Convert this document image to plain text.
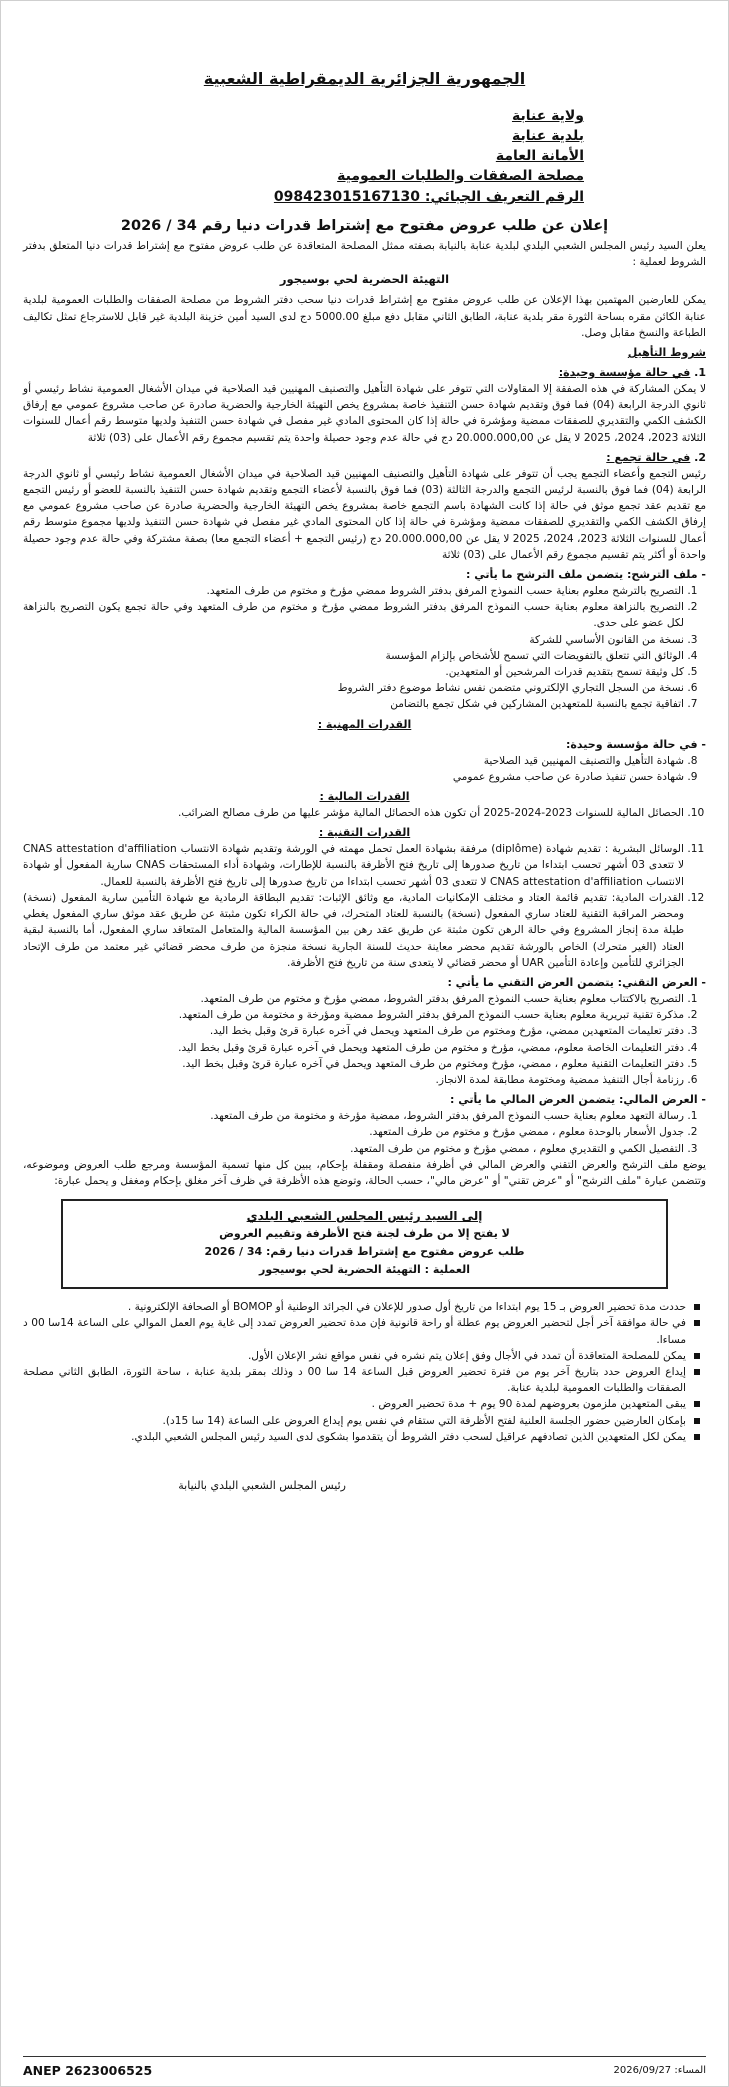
الجمهورية الجزائرية الديمقراطية الشعبية
ولاية عنابة
بلدية عنابة
الأمانة العامة
مصلحة الصفقات والطلبات العمومية
الرقم التعريف الجبائي: 098423015167130
إعلان عن طلب عروض مفتوح مع إشتراط قدرات دنيا رقم 34 / 2026

يعلن السيد رئيس المجلس الشعبي البلدي لبلدية عنابة بالنيابة بصفته ممثل المصلحة المتعاقدة عن طلب عروض مفتوح مع إشتراط قدرات دنيا المتعلق بدفتر الشروط لعملية :

التهيئة الحضرية لحي بوسيجور

يمكن للعارضين المهتمين بهذا الإعلان عن طلب عروض مفتوح مع إشتراط قدرات دنيا سحب دفتر الشروط من مصلحة الصفقات والطلبات العمومية لبلدية عنابة الكائن مقره بساحة الثورة مقر بلدية عنابة، الطابق الثاني مقابل دفع مبلغ 5000.00 دج لدى السيد أمين خزينة البلدية غير قابل للاسترجاع تمثل تكاليف الطباعة والنسخ مقابل وصل.

شروط التأهيل
1. في حالة مؤسسة وحيدة:

لا يمكن المشاركة في هذه الصفقة إلا المقاولات التي تتوفر على شهادة التأهيل والتصنيف المهنيين قيد الصلاحية في ميدان الأشغال العمومية نشاط رئيسي أو ثانوي الدرجة الرابعة (04) فما فوق وتقديم شهادة حسن التنفيذ خاصة بمشروع يخص التهيئة الخارجية والحضرية صادرة عن صاحب مشروع عمومي مع إرفاق الكشف الكمي والتقديري للصفقات ممضية ومؤشرة في حالة إذا كان المحتوى المادي غير مفصل في شهادة حسن التنفيذ ولديها متوسط رقم أعمال للسنوات الثلاثة 2023، 2024، 2025 لا يقل عن 20.000.000,00 دج في حالة عدم وجود حصيلة واحدة يتم تقسيم مجموع رقم الأعمال على (03) ثلاثة

2. في حالة تجمع :

رئيس التجمع وأعضاء التجمع يجب أن تتوفر على شهادة التأهيل والتصنيف المهنيين قيد الصلاحية في ميدان الأشغال العمومية نشاط رئيسي أو ثانوي الدرجة الرابعة (04) فما فوق بالنسبة لرئيس التجمع والدرجة الثالثة (03) فما فوق بالنسبة لأعضاء التجمع وتقديم شهادة حسن التنفيذ بالنسبة للعضو أو رئيس التجمع مع تقديم عقد تجمع موثق في حالة إذا كانت الشهادة باسم التجمع خاصة بمشروع يخص التهيئة الخارجية والحضرية صادرة عن صاحب مشروع عمومي مع إرفاق الكشف الكمي والتقديري للصفقات ممضية ومؤشرة في حالة إذا كان المحتوى المادي غير مفصل في شهادة حسن التنفيذ ولديها مجموع متوسط رقم أعمال للسنوات الثلاثة 2023، 2024، 2025 لا يقل عن 20.000.000,00 دج (رئيس التجمع + أعضاء التجمع معا) بصفة مشتركة وفي حالة عدم وجود حصيلة واحدة أو أكثر يتم تقسيم مجموع رقم الأعمال على (03) ثلاثة

- ملف الترشح: يتضمن ملف الترشح ما يأتي :
1. التصريح بالترشح معلوم بعناية حسب النموذج المرفق بدفتر الشروط ممضي مؤرخ و مختوم من طرف المتعهد.
2. التصريح بالنزاهة معلوم بعناية حسب النموذج المرفق بدفتر الشروط ممضي مؤرخ و مختوم من طرف المتعهد وفي حالة تجمع يكون التصريح بالنزاهة لكل عضو على حدى.
3. نسخة من القانون الأساسي للشركة
4. الوثائق التي تتعلق بالتفويضات التي تسمح للأشخاص بإلزام المؤسسة
5. كل وثيقة تسمح بتقديم قدرات المرشحين أو المتعهدين.
6. نسخة من السجل التجاري الإلكتروني متضمن نفس نشاط موضوع دفتر الشروط
7. اتفاقية تجمع بالنسبة للمتعهدين المشاركين في شكل تجمع بالتضامن
القدرات المهنية :
- في حالة مؤسسة وحيدة:
8. شهادة التأهيل والتصنيف المهنيين قيد الصلاحية
9. شهادة حسن تنفيذ صادرة عن صاحب مشروع عمومي
القدرات المالية :
10. الحصائل المالية للسنوات 2023-2024-2025 أن تكون هذه الحصائل المالية مؤشر عليها من طرف مصالح الضرائب.
القدرات التقنية :
11. الوسائل البشرية : تقديم شهادة (diplôme) مرفقة بشهادة العمل تحمل مهمته في الورشة وتقديم شهادة الانتساب CNAS attestation d'affiliation لا تتعدى 03 أشهر تحسب ابتداءا من تاريخ صدورها إلى تاريخ فتح الأظرفة بالنسبة للإطارات، وشهادة أداء المستحقات CNAS سارية المفعول أو شهادة الانتساب CNAS attestation d'affiliation لا تتعدى 03 أشهر تحسب ابتداءا من تاريخ صدورها إلى تاريخ فتح الأظرفة بالنسبة للعمال.
12. القدرات المادية: تقديم قائمة العتاد و مختلف الإمكانيات المادية، مع وثائق الإثبات: تقديم البطاقة الرمادية مع شهادة التأمين سارية المفعول (نسخة) ومحضر المراقبة التقنية للعتاد ساري المفعول (نسخة) بالنسبة للعتاد المتحرك، في حالة الكراء تكون مثبتة عن طريق عقد موثق ساري المفعول يغطي طيلة مدة إنجاز المشروع وفي حالة الرهن تكون مثبتة عن طريق عقد رهن بين المؤسسة المالية والمتعامل المتعاقد ساري المفعول، أما بالنسبة لبقية العتاد (الغير متحرك) الخاص بالورشة تقديم محضر معاينة حديث للسنة الجارية نسخة منجزة من طرف محضر قضائي غير معتمد من طرف الإتحاد الجزائري للتأمين وإعادة التأمين UAR أو محضر قضائي لا يتعدى سنة من تاريخ فتح الأظرفة.
- العرض التقني: يتضمن العرض التقني ما يأتي :
1. التصريح بالاكتتاب معلوم بعناية حسب النموذج المرفق بدفتر الشروط، ممضي مؤرخ و مختوم من طرف المتعهد.
2. مذكرة تقنية تبريرية معلوم بعناية حسب النموذج المرفق بدفتر الشروط ممضية ومؤرخة و مختومة من طرف المتعهد.
3. دفتر تعليمات المتعهدين ممضي، مؤرخ ومختوم من طرف المتعهد ويحمل في آخره عبارة قرئ وقبل بخط اليد.
4. دفتر التعليمات الخاصة معلوم، ممضي، مؤرخ و مختوم من طرف المتعهد ويحمل في آخره عبارة قرئ وقبل بخط اليد.
5. دفتر التعليمات التقنية معلوم ، ممضي، مؤرخ ومختوم من طرف المتعهد ويحمل في آخره عبارة قرئ وقبل بخط اليد.
6. رزنامة أجال التنفيذ ممضية ومختومة مطابقة لمدة الانجاز.
- العرض المالي: يتضمن العرض المالي ما يأتي :
1. رسالة التعهد معلوم بعناية حسب النموذج المرفق بدفتر الشروط، ممضية مؤرخة و مختومة من طرف المتعهد.
2. جدول الأسعار بالوحدة معلوم ، ممضي مؤرخ و مختوم من طرف المتعهد.
3. التفصيل الكمي و التقديري معلوم ، ممضي مؤرخ و مختوم من طرف المتعهد.

يوضع ملف الترشح والعرض التقني والعرض المالي في أظرفة منفصلة ومقفلة بإحكام، يبين كل منها تسمية المؤسسة ومرجع طلب العروض وموضوعه، وتتضمن عبارة "ملف الترشح" أو "عرض تقني" أو "عرض مالي"، حسب الحالة، وتوضع هذه الأظرفة في ظرف آخر مغلق بإحكام ومغفل و يحمل عبارة:

إلى السيد رئيس المجلس الشعبي البلدي
لا يفتح إلا من طرف لجنة فتح الأظرفة وتقييم العروض
طلب عروض مفتوح مع إشتراط قدرات دنيا رقم: 34 / 2026
العملية : التهيئة الحضرية لحي بوسيجور
حددت مدة تحضير العروض بـ 15 يوم ابتداءا من تاريخ أول صدور للإعلان في الجرائد الوطنية أو BOMOP أو الصحافة الإلكترونية .
في حالة موافقة آخر أجل لتحضير العروض يوم عطلة أو راحة قانونية فإن مدة تحضير العروض تمدد إلى غاية يوم العمل الموالي على الساعة 14سا 00 د مساءا.
يمكن للمصلحة المتعاقدة أن تمدد في الأجال وفق إعلان يتم نشره في نفس مواقع نشر الإعلان الأول.
إيداع العروض حدد بتاريخ آخر يوم من فترة تحضير العروض قبل الساعة 14 سا 00 د وذلك بمقر بلدية عنابة ، ساحة الثورة، الطابق الثاني مصلحة الصفقات والطلبات العمومية لبلدية عنابة.
يبقى المتعهدين ملزمون بعروضهم لمدة 90 يوم + مدة تحضير العروض .
بإمكان العارضين حضور الجلسة العلنية لفتح الأظرفة التي ستقام في نفس يوم إيداع العروض على الساعة (14 سا 15د).
يمكن لكل المتعهدين الذين تصادفهم عراقيل لسحب دفتر الشروط أن يتقدموا بشكوى لدى السيد رئيس المجلس الشعبي البلدي.
رئيس المجلس الشعبي البلدي بالنيابة
المساء: 2026/09/27
ANEP 2623006525
